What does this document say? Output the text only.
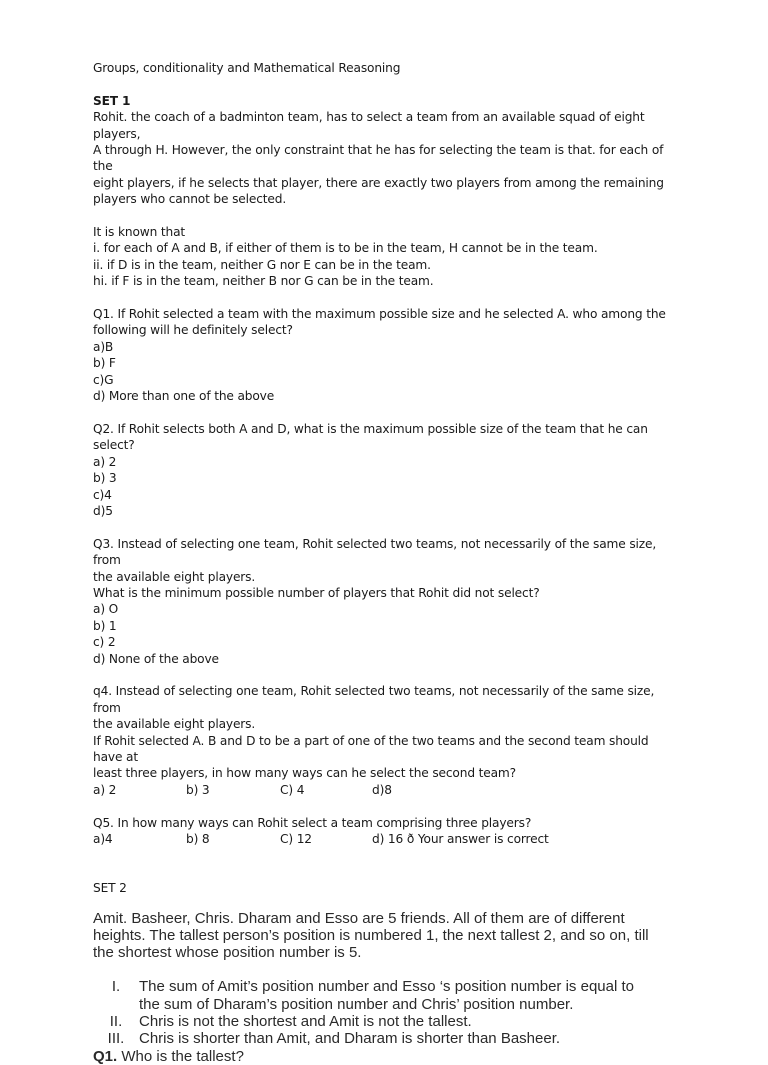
Groups, conditionality and Mathematical Reasoning

SET 1

Rohit. the coach of a badminton team, has to select a team from an available squad of eight players,

A through H. However, the only constraint that he has for selecting the team is that. for each of the

eight players, if he selects that player, there are exactly two players from among the remaining

players who cannot be selected.

It is known that

i. for each of A and B, if either of them is to be in the team, H cannot be in the team.

ii. if D is in the team, neither G nor E can be in the team.

hi. if F is in the team, neither B nor G can be in the team.

Q1. If Rohit selected a team with the maximum possible size and he selected A. who among the

following will he definitely select?

a)B

b) F

c)G

d) More than one of the above

Q2. If Rohit selects both A and D, what is the maximum possible size of the team that he can select?

a) 2

b) 3

c)4

d)5

Q3. Instead of selecting one team, Rohit selected two teams, not necessarily of the same size, from

the available eight players.

What is the minimum possible number of players that Rohit did not select?

a) O

b) 1

c) 2

d) None of the above

q4. Instead of selecting one team, Rohit selected two teams, not necessarily of the same size, from

the available eight players.

If Rohit selected A. B and D to be a part of one of the two teams and the second team should have at

least three players, in how many ways can he select the second team?

a) 2	b) 3	C) 4	d)8

Q5. In how many ways can Rohit select a team comprising three players?

a)4	b) 8	C) 12	d) 16 ð Your answer is correct

SET 2

Amit. Basheer, Chris. Dharam and Esso are 5 friends. All of them are of different

heights. The tallest person’s position is numbered 1, the next tallest 2, and so on, till

the shortest whose position number is 5.

I.	The sum of Amit’s position number and Esso ‘s position number is equal to

the sum of Dharam’s position number and Chris’ position number.

II.	Chris is not the shortest and Amit is not the tallest.

III. Chris is shorter than Amit, and Dharam is shorter than Basheer.

Q1. Who is the tallest?
